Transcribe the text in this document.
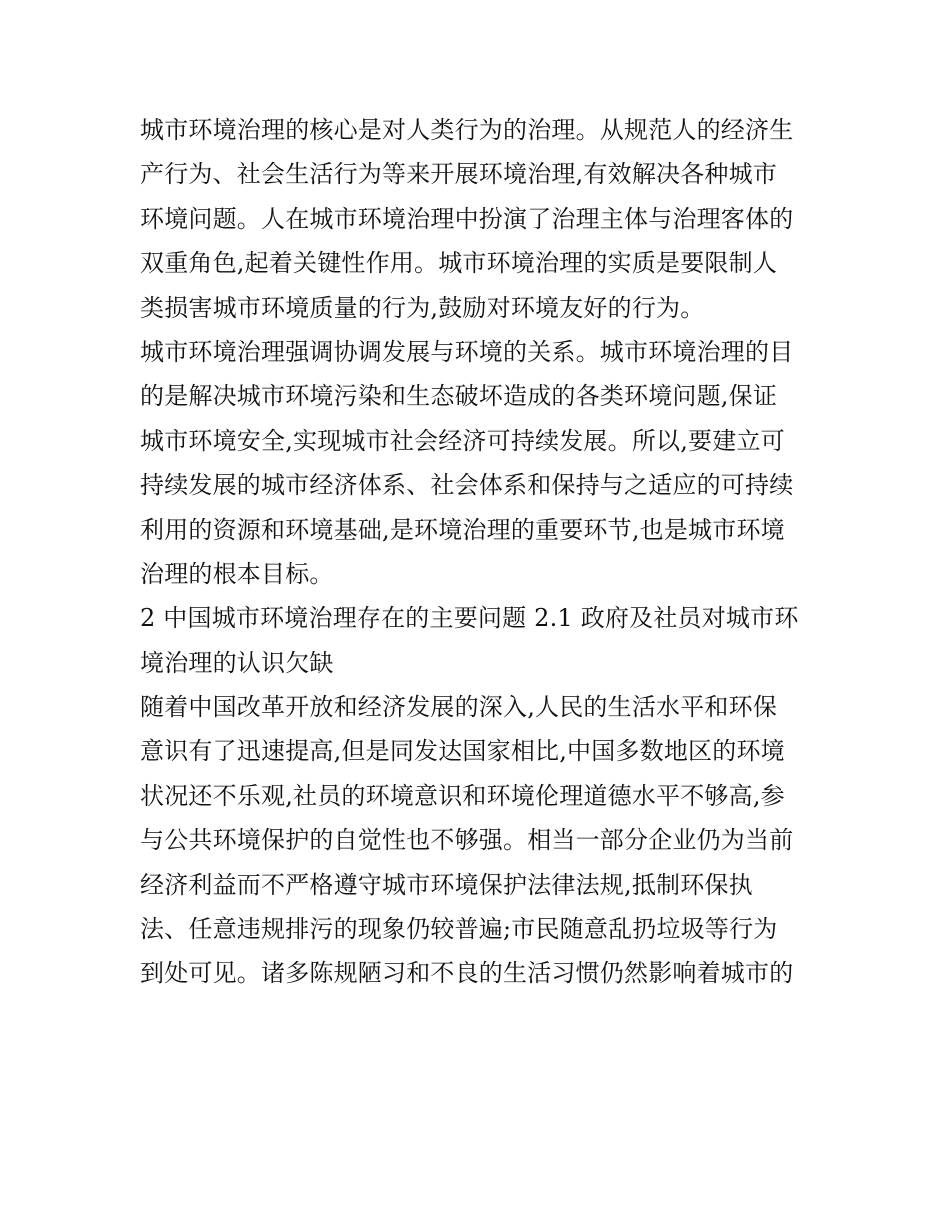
城市环境治理的核心是对人类行为的治理。从规范人的经济生
产行为、社会生活行为等来开展环境治理,有效解决各种城市
环境问题。人在城市环境治理中扮演了治理主体与治理客体的
双重角色,起着关键性作用。城市环境治理的实质是要限制人
类损害城市环境质量的行为,鼓励对环境友好的行为。
城市环境治理强调协调发展与环境的关系。城市环境治理的目
的是解决城市环境污染和生态破坏造成的各类环境问题,保证
城市环境安全,实现城市社会经济可持续发展。所以,要建立可
持续发展的城市经济体系、社会体系和保持与之适应的可持续
利用的资源和环境基础,是环境治理的重要环节,也是城市环境
治理的根本目标。
2 中国城市环境治理存在的主要问题 2.1 政府及社员对城市环
境治理的认识欠缺
随着中国改革开放和经济发展的深入,人民的生活水平和环保
意识有了迅速提高,但是同发达国家相比,中国多数地区的环境
状况还不乐观,社员的环境意识和环境伦理道德水平不够高,参
与公共环境保护的自觉性也不够强。相当一部分企业仍为当前
经济利益而不严格遵守城市环境保护法律法规,抵制环保执
法、任意违规排污的现象仍较普遍;市民随意乱扔垃圾等行为
到处可见。诸多陈规陋习和不良的生活习惯仍然影响着城市的
